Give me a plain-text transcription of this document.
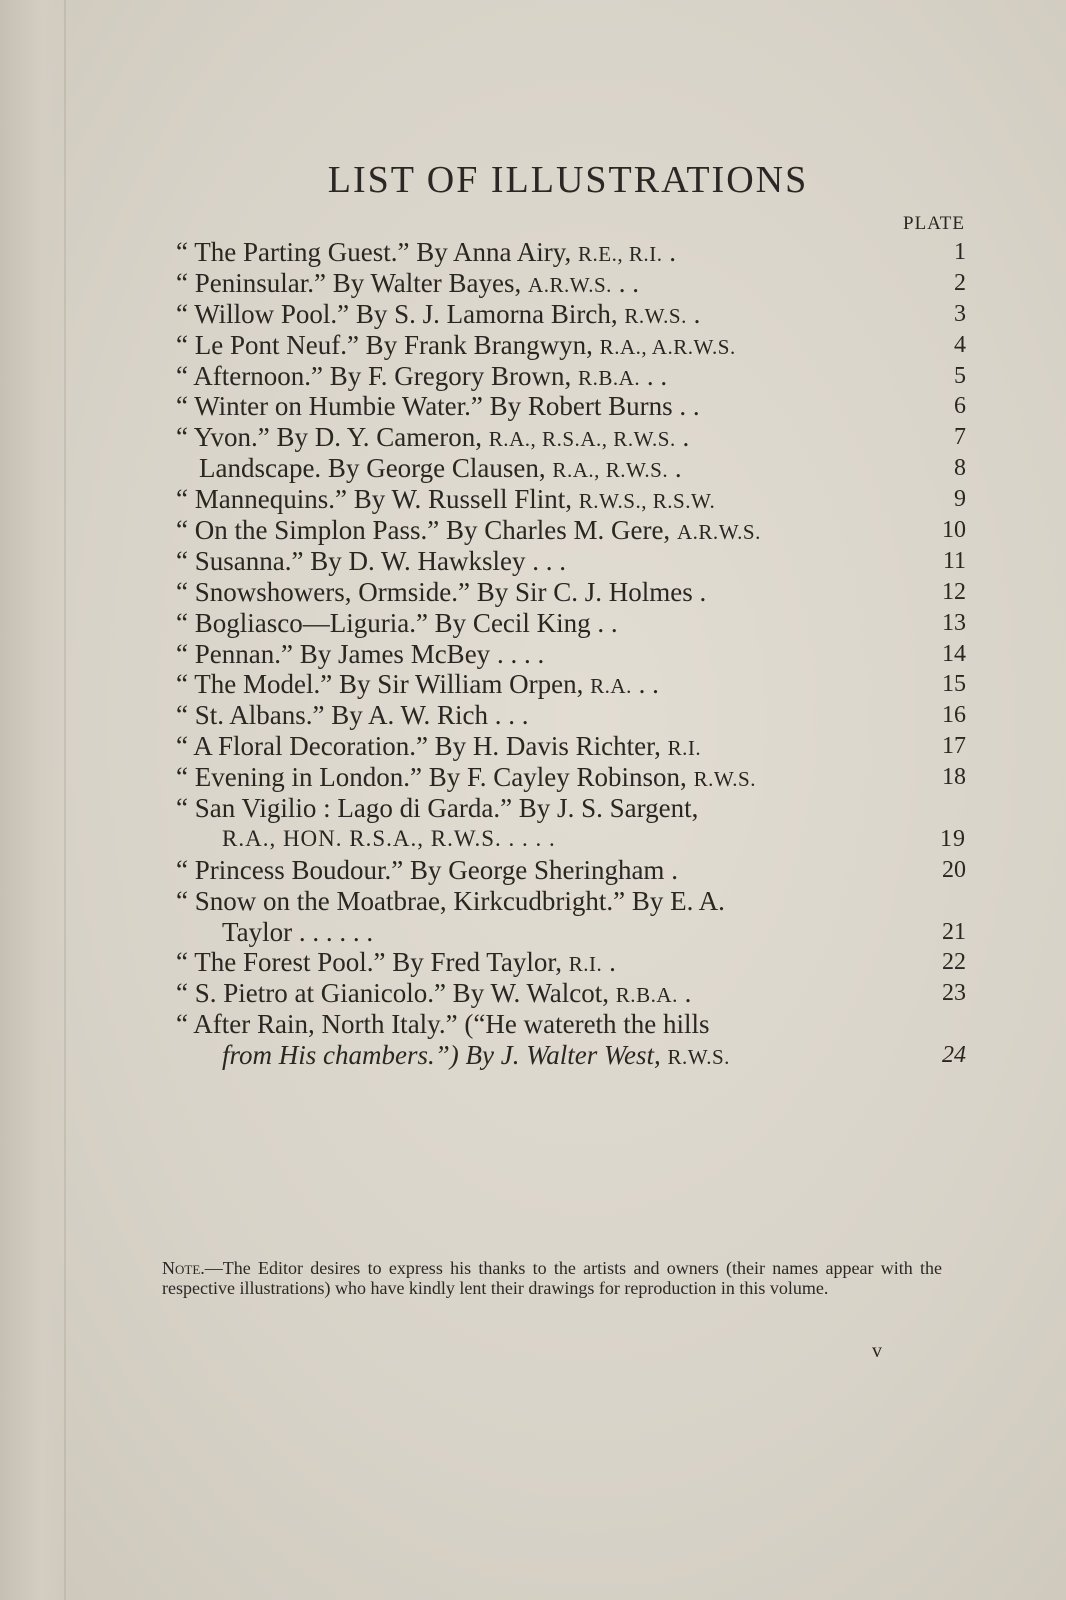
LIST OF ILLUSTRATIONS
PLATE
“ The Parting Guest.” By Anna Airy, R.E., R.I. .	1
“ Peninsular.” By Walter Bayes, A.R.W.S. . .	2
“ Willow Pool.” By S. J. Lamorna Birch, R.W.S. .	3
“ Le Pont Neuf.” By Frank Brangwyn, R.A., A.R.W.S.	4
“ Afternoon.” By F. Gregory Brown, R.B.A. . .	5
“ Winter on Humbie Water.” By Robert Burns . .	6
“ Yvon.” By D. Y. Cameron, R.A., R.S.A., R.W.S. .	7
Landscape. By George Clausen, R.A., R.W.S. .	8
“ Mannequins.” By W. Russell Flint, R.W.S., R.S.W.	9
“ On the Simplon Pass.” By Charles M. Gere, A.R.W.S.	10
“ Susanna.” By D. W. Hawksley . . .	11
“ Snowshowers, Ormside.” By Sir C. J. Holmes .	12
“ Bogliasco—Liguria.” By Cecil King . .	13
“ Pennan.” By James McBey . . . .	14
“ The Model.” By Sir William Orpen, R.A. . .	15
“ St. Albans.” By A. W. Rich . . .	16
“ A Floral Decoration.” By H. Davis Richter, R.I.	17
“ Evening in London.” By F. Cayley Robinson, R.W.S.	18
“ San Vigilio : Lago di Garda.” By J. S. Sargent,
R.A., HON. R.S.A., R.W.S. . . . .	19
“ Princess Boudour.” By George Sheringham .	20
“ Snow on the Moatbrae, Kirkcudbright.” By E. A.
Taylor . . . . . .	21
“ The Forest Pool.” By Fred Taylor, R.I. .	22
“ S. Pietro at Gianicolo.” By W. Walcot, R.B.A. .	23
“ After Rain, North Italy.” (“He watereth the hills
from His chambers.”) By J. Walter West, R.W.S.	24
Note.—The Editor desires to express his thanks to the artists and owners (their names appear with the respective illustrations) who have kindly lent their drawings for reproduction in this volume.
v
